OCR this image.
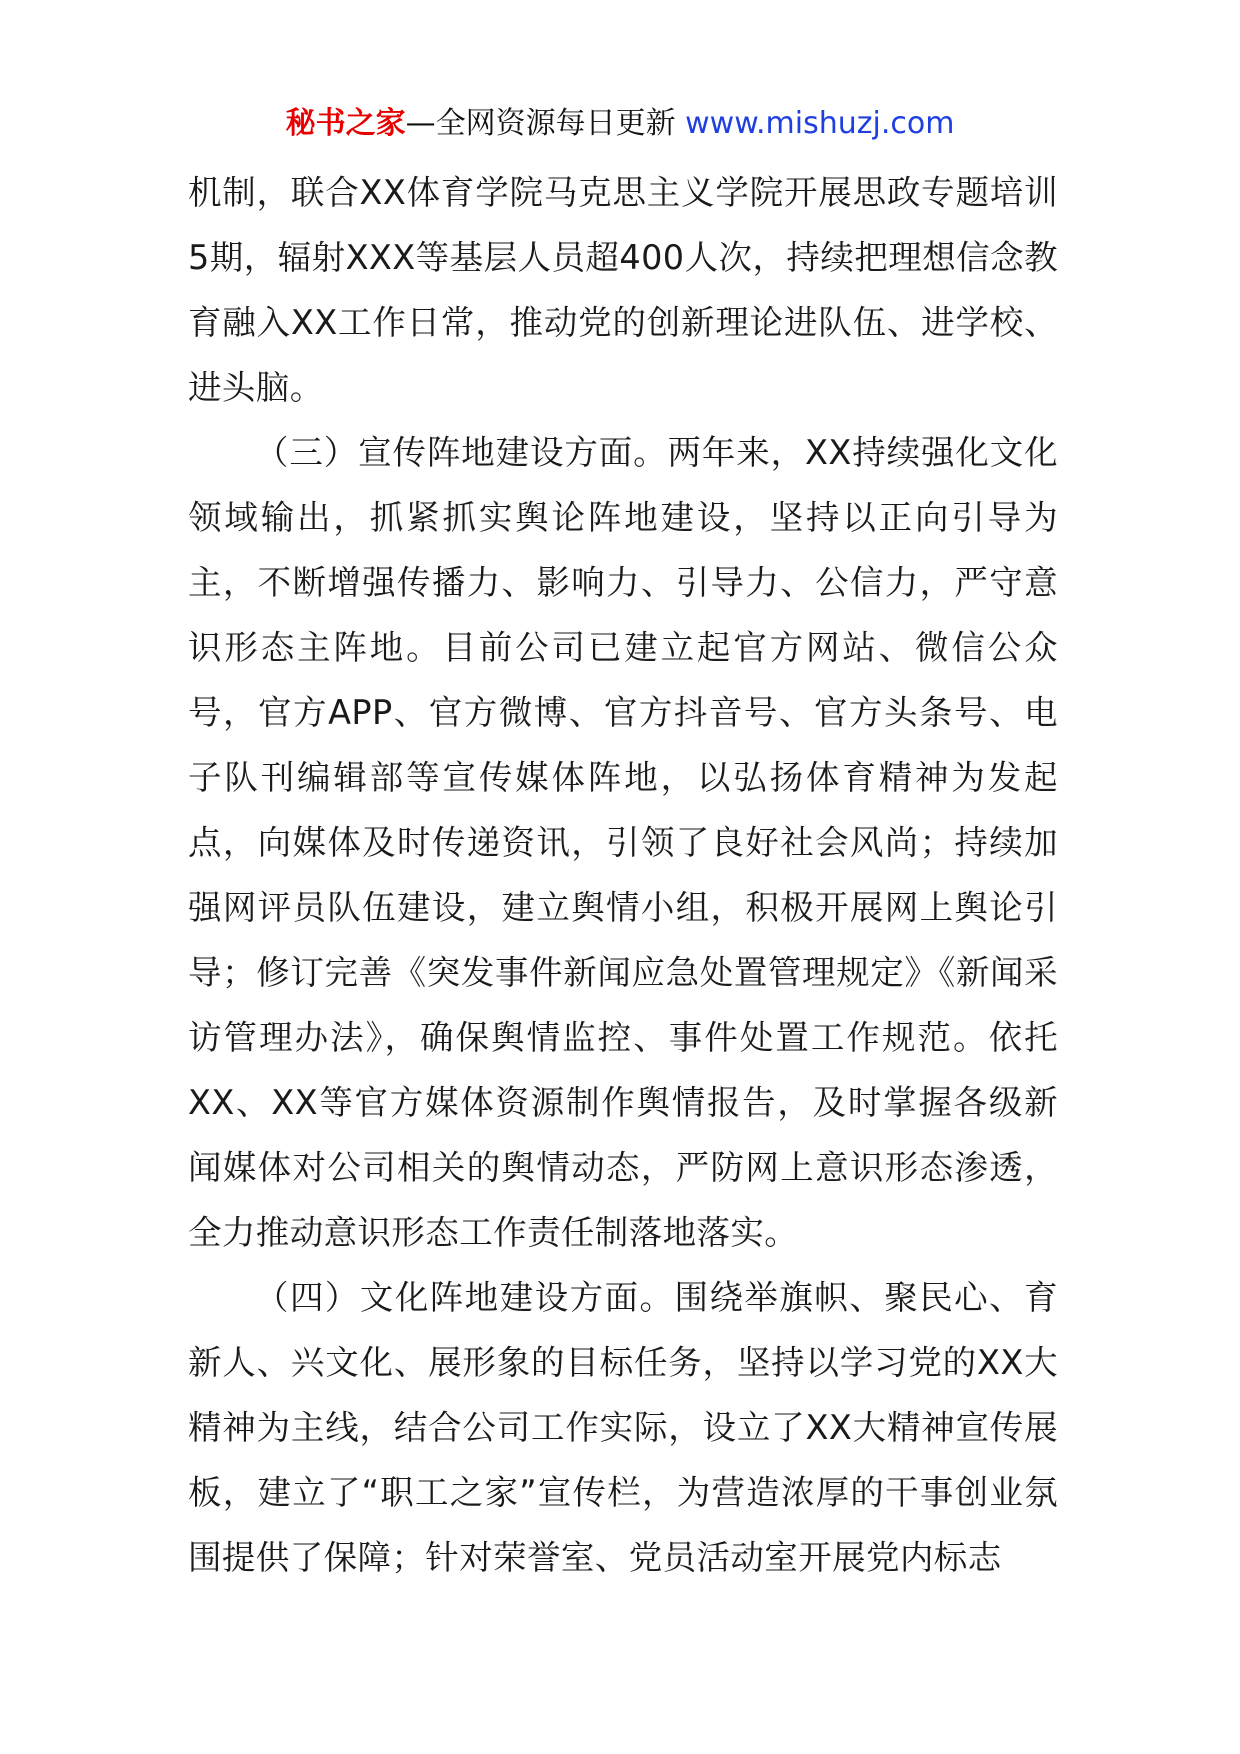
秘书之家—全网资源每日更新 www.mishuzj.com

机制，联合XX体育学院马克思主义学院开展思政专题培训5期，辐射XXX等基层人员超400人次，持续把理想信念教育融入XX工作日常，推动党的创新理论进队伍、进学校、进头脑。

（三）宣传阵地建设方面。两年来，XX持续强化文化领域输出，抓紧抓实舆论阵地建设，坚持以正向引导为主，不断增强传播力、影响力、引导力、公信力，严守意识形态主阵地。目前公司已建立起官方网站、微信公众号，官方APP、官方微博、官方抖音号、官方头条号、电子队刊编辑部等宣传媒体阵地，以弘扬体育精神为发起点，向媒体及时传递资讯，引领了良好社会风尚；持续加强网评员队伍建设，建立舆情小组，积极开展网上舆论引导；修订完善《突发事件新闻应急处置管理规定》《新闻采访管理办法》，确保舆情监控、事件处置工作规范。依托XX、XX等官方媒体资源制作舆情报告，及时掌握各级新闻媒体对公司相关的舆情动态，严防网上意识形态渗透，全力推动意识形态工作责任制落地落实。

（四）文化阵地建设方面。围绕举旗帜、聚民心、育新人、兴文化、展形象的目标任务，坚持以学习党的XX大精神为主线，结合公司工作实际，设立了XX大精神宣传展板，建立了“职工之家”宣传栏，为营造浓厚的干事创业氛围提供了保障；针对荣誉室、党员活动室开展党内标志
